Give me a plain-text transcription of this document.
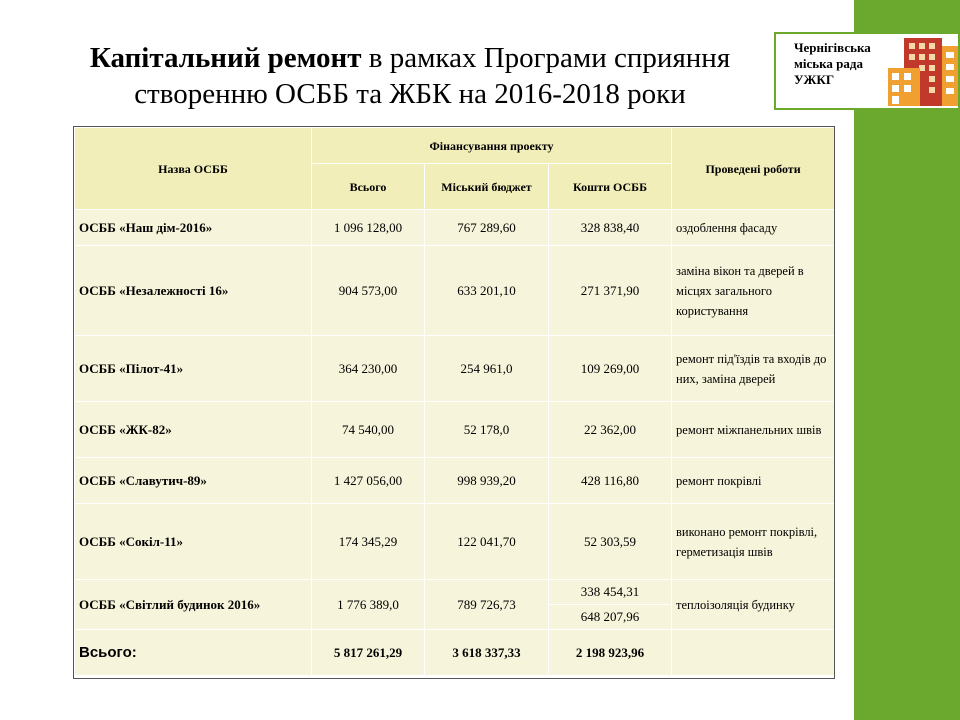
Чернігівська
міська рада
УЖКГ
Капітальний ремонт в рамках Програми сприяння
створенню ОСББ та ЖБК на 2016-2018 роки
Назва ОСББ	Фінансування проекту			Проведені роботи
	Всього	Міський бюджет	Кошти ОСББ	
ОСББ «Наш дім-2016»	1 096 128,00	767 289,60	328 838,40	оздоблення фасаду
ОСББ «Незалежності 16»	904 573,00	633 201,10	271 371,90	заміна вікон та дверей в місцях загального користування
ОСББ «Пілот-41»	364 230,00	254 961,0	109 269,00	ремонт під'їздів та входів до них, заміна дверей
ОСББ «ЖК-82»	74 540,00	52 178,0	22 362,00	ремонт міжпанельних швів
ОСББ «Славутич-89»	1 427 056,00	998 939,20	428 116,80	ремонт покрівлі
ОСББ «Сокіл-11»	174 345,29	122 041,70	52 303,59	виконано ремонт покрівлі, герметизація швів
ОСББ «Світлий будинок 2016»	1 776 389,0	789 726,73	338 454,31	теплоізоляція будинку
			648 207,96	
Всього:	5 817 261,29	3 618 337,33	2 198 923,96	
